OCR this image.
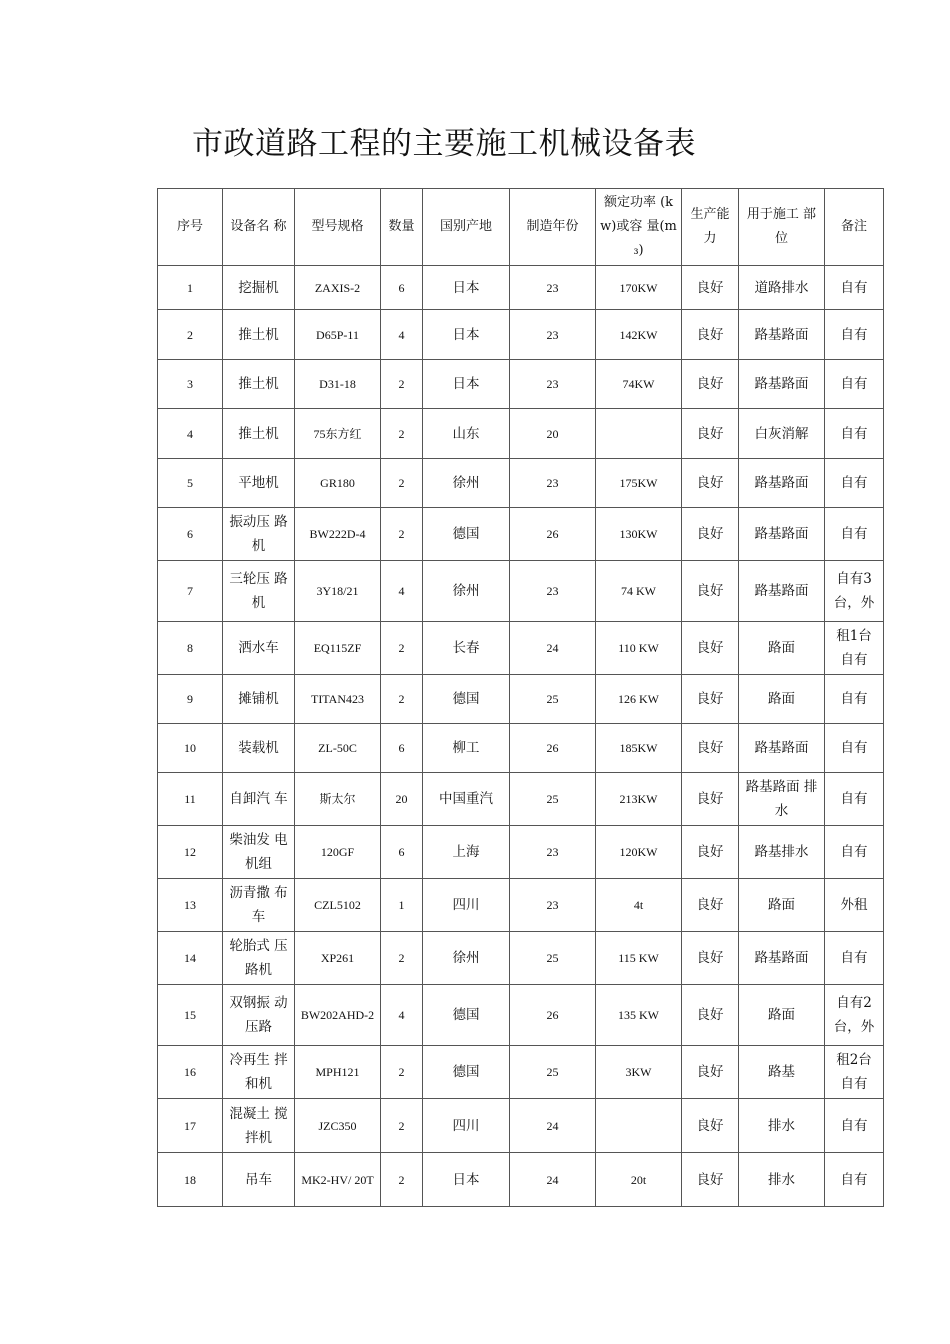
市政道路工程的主要施工机械设备表
序号	设备名 称	型号规格	数量	国别产地	制造年份	额定功率 (kw)或容 量(m₃)	生产能力	用于施工 部位	备注
1	挖掘机	ZAXIS-2	6	日本	23	170KW	良好	道路排水	自有
2	推土机	D65P-11	4	日本	23	142KW	良好	路基路面	自有
3	推土机	D31-18	2	日本	23	74KW	良好	路基路面	自有
4	推土机	75东方红	2	山东	20		良好	白灰消解	自有
5	平地机	GR180	2	徐州	23	175KW	良好	路基路面	自有
6	振动压 路机	BW222D-4	2	德国	26	130KW	良好	路基路面	自有
7	三轮压 路机	3Y18/21	4	徐州	23	74 KW	良好	路基路面	自有3台，外
8	洒水车	EQ115ZF	2	长春	24	110 KW	良好	路面	租1台 自有
9	摊铺机	TITAN423	2	德国	25	126 KW	良好	路面	自有
10	装载机	ZL-50C	6	柳工	26	185KW	良好	路基路面	自有
11	自卸汽 车	斯太尔	20	中国重汽	25	213KW	良好	路基路面 排水	自有
12	柴油发 电机组	120GF	6	上海	23	120KW	良好	路基排水	自有
13	沥青撒 布车	CZL5102	1	四川	23	4t	良好	路面	外租
14	轮胎式 压路机	XP261	2	徐州	25	115 KW	良好	路基路面	自有
15	双钢振 动压路	BW202AHD-2	4	德国	26	135 KW	良好	路面	自有2台，外
16	冷再生 拌和机	MPH121	2	德国	25	3KW	良好	路基	租2台 自有
17	混凝土 搅拌机	JZC350	2	四川	24		良好	排水	自有
18	吊车	MK2-HV/ 20T	2	日本	24	20t	良好	排水	自有
